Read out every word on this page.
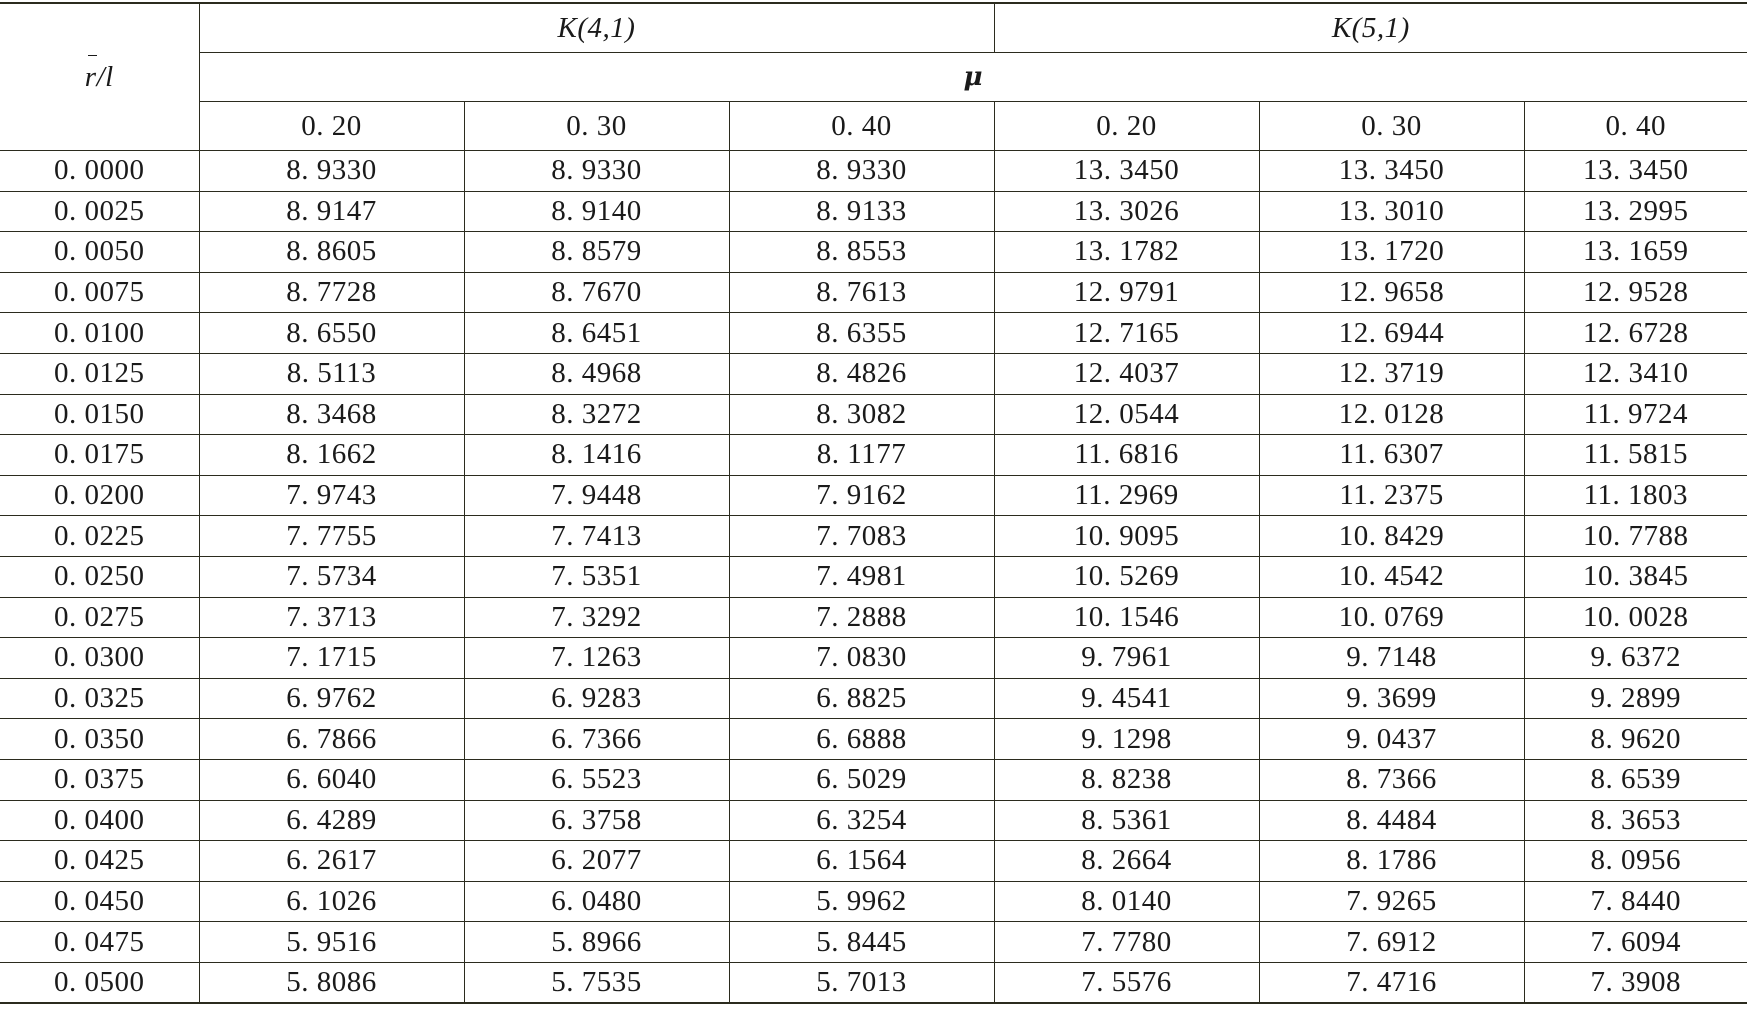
r/l	K(4,1)			K(5,1)		
	μ					
	0. 20	0. 30	0. 40	0. 20	0. 30	0. 40
0. 0000	8. 9330	8. 9330	8. 9330	13. 3450	13. 3450	13. 3450
0. 0025	8. 9147	8. 9140	8. 9133	13. 3026	13. 3010	13. 2995
0. 0050	8. 8605	8. 8579	8. 8553	13. 1782	13. 1720	13. 1659
0. 0075	8. 7728	8. 7670	8. 7613	12. 9791	12. 9658	12. 9528
0. 0100	8. 6550	8. 6451	8. 6355	12. 7165	12. 6944	12. 6728
0. 0125	8. 5113	8. 4968	8. 4826	12. 4037	12. 3719	12. 3410
0. 0150	8. 3468	8. 3272	8. 3082	12. 0544	12. 0128	11. 9724
0. 0175	8. 1662	8. 1416	8. 1177	11. 6816	11. 6307	11. 5815
0. 0200	7. 9743	7. 9448	7. 9162	11. 2969	11. 2375	11. 1803
0. 0225	7. 7755	7. 7413	7. 7083	10. 9095	10. 8429	10. 7788
0. 0250	7. 5734	7. 5351	7. 4981	10. 5269	10. 4542	10. 3845
0. 0275	7. 3713	7. 3292	7. 2888	10. 1546	10. 0769	10. 0028
0. 0300	7. 1715	7. 1263	7. 0830	9. 7961	9. 7148	9. 6372
0. 0325	6. 9762	6. 9283	6. 8825	9. 4541	9. 3699	9. 2899
0. 0350	6. 7866	6. 7366	6. 6888	9. 1298	9. 0437	8. 9620
0. 0375	6. 6040	6. 5523	6. 5029	8. 8238	8. 7366	8. 6539
0. 0400	6. 4289	6. 3758	6. 3254	8. 5361	8. 4484	8. 3653
0. 0425	6. 2617	6. 2077	6. 1564	8. 2664	8. 1786	8. 0956
0. 0450	6. 1026	6. 0480	5. 9962	8. 0140	7. 9265	7. 8440
0. 0475	5. 9516	5. 8966	5. 8445	7. 7780	7. 6912	7. 6094
0. 0500	5. 8086	5. 7535	5. 7013	7. 5576	7. 4716	7. 3908
